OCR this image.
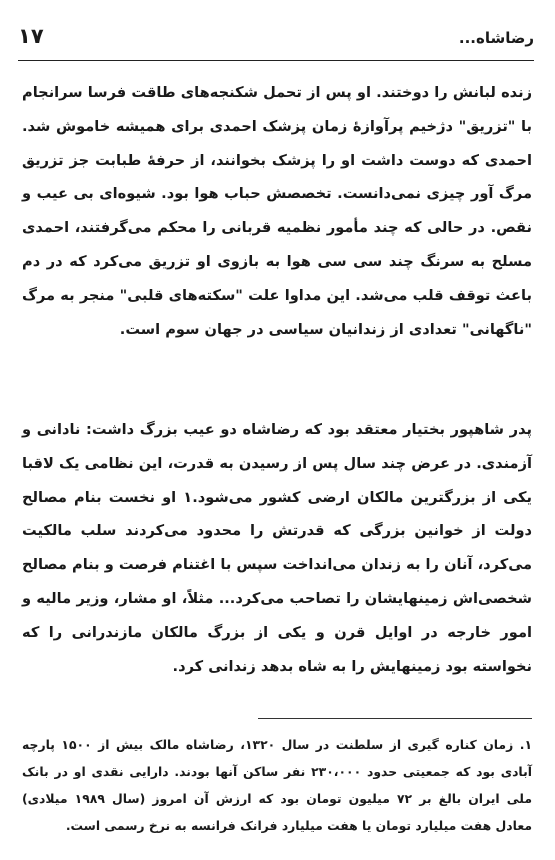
۱۷	رضاشاه...

زنده لبانش را دوختند. او پس از تحمل شکنجه‌های طاقت فرسا سرانجام با "تزریق" دژخیم پرآوازهٔ زمان پزشک احمدی برای همیشه خاموش شد. احمدی که دوست داشت او را پزشک بخوانند، از حرفهٔ طبابت جز تزریق مرگ آور چیزی نمی‌دانست. تخصصش حباب هوا بود. شیوه‌ای بی عیب و نقص. در حالی که چند مأمور نظمیه قربانی را محکم می‌گرفتند، احمدی مسلح به سرنگ چند سی سی هوا به بازوی او تزریق می‌کرد که در دم باعث توقف قلب می‌شد. این مداوا علت "سکته‌های قلبی" منجر به مرگ "ناگهانی" تعدادی از زندانیان سیاسی در جهان سوم است.

پدر شاهپور بختیار معتقد بود که رضاشاه دو عیب بزرگ داشت: نادانی و آزمندی. در عرض چند سال پس از رسیدن به قدرت، این نظامی یک لاقبا یکی از بزرگترین مالکان ارضی کشور می‌شود.۱ او نخست بنام مصالح دولت از خوانین بزرگی که قدرتش را محدود می‌کردند سلب مالکیت می‌کرد، آنان را به زندان می‌انداخت سپس با اغتنام فرصت و بنام مصالح شخصی‌اش زمینهایشان را تصاحب می‌کرد... مثلاً، او مشار، وزیر مالیه و امور خارجه در اوایل قرن و یکی از بزرگ مالکان مازندرانی را که نخواسته بود زمینهایش را به شاه بدهد زندانی کرد.

۱. زمان کناره گیری از سلطنت در سال ۱۳۲۰، رضاشاه مالک بیش از ۱۵۰۰ پارچه آبادی بود که جمعیتی حدود ۲۳۰،۰۰۰ نفر ساکن آنها بودند. دارایی نقدی او در بانک ملی ایران بالغ بر ۷۲ میلیون تومان بود که ارزش آن امروز (سال ۱۹۸۹ میلادی) معادل هفت میلیارد تومان یا هفت میلیارد فرانک فرانسه به نرخ رسمی است.
